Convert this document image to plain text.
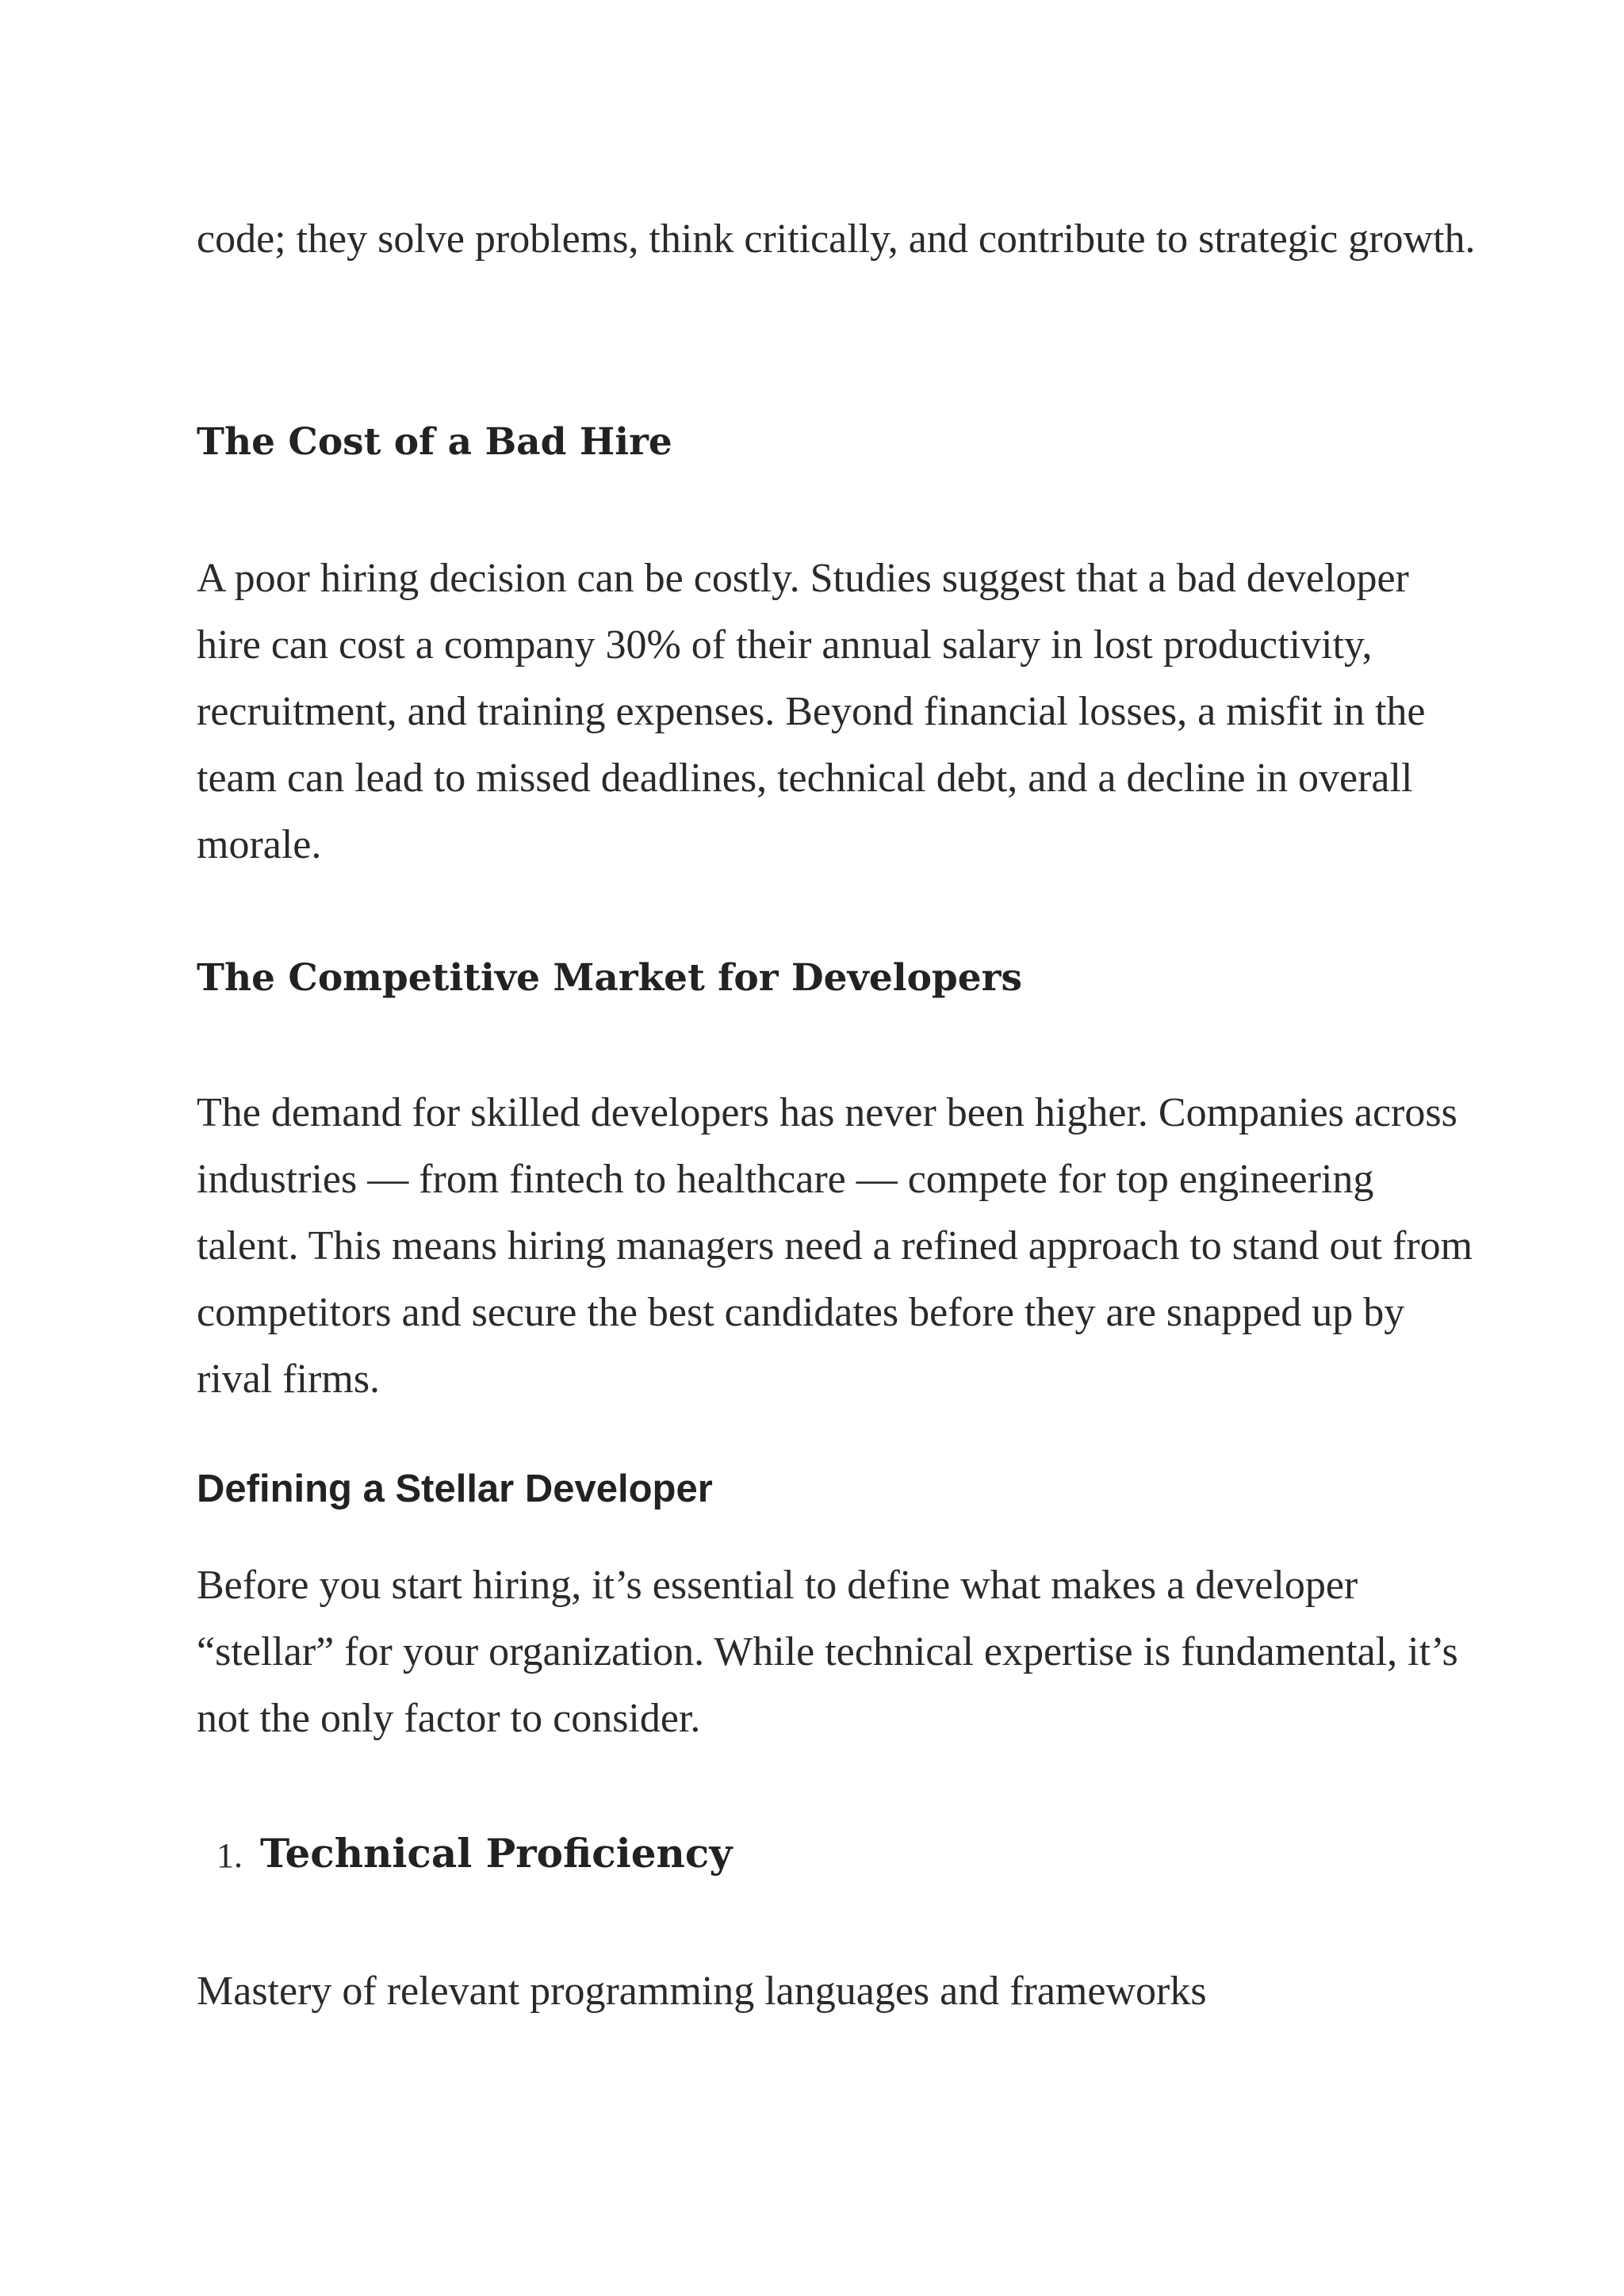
code; they solve problems, think critically, and contribute to strategic growth.

The Cost of a Bad Hire

A poor hiring decision can be costly. Studies suggest that a bad developer hire can cost a company 30% of their annual salary in lost productivity, recruitment, and training expenses. Beyond financial losses, a misfit in the team can lead to missed deadlines, technical debt, and a decline in overall morale.

The Competitive Market for Developers

The demand for skilled developers has never been higher. Companies across industries — from fintech to healthcare — compete for top engineering talent. This means hiring managers need a refined approach to stand out from competitors and secure the best candidates before they are snapped up by rival firms.

Defining a Stellar Developer

Before you start hiring, it’s essential to define what makes a developer “stellar” for your organization. While technical expertise is fundamental, it’s not the only factor to consider.

1. Technical Proficiency

Mastery of relevant programming languages and frameworks
